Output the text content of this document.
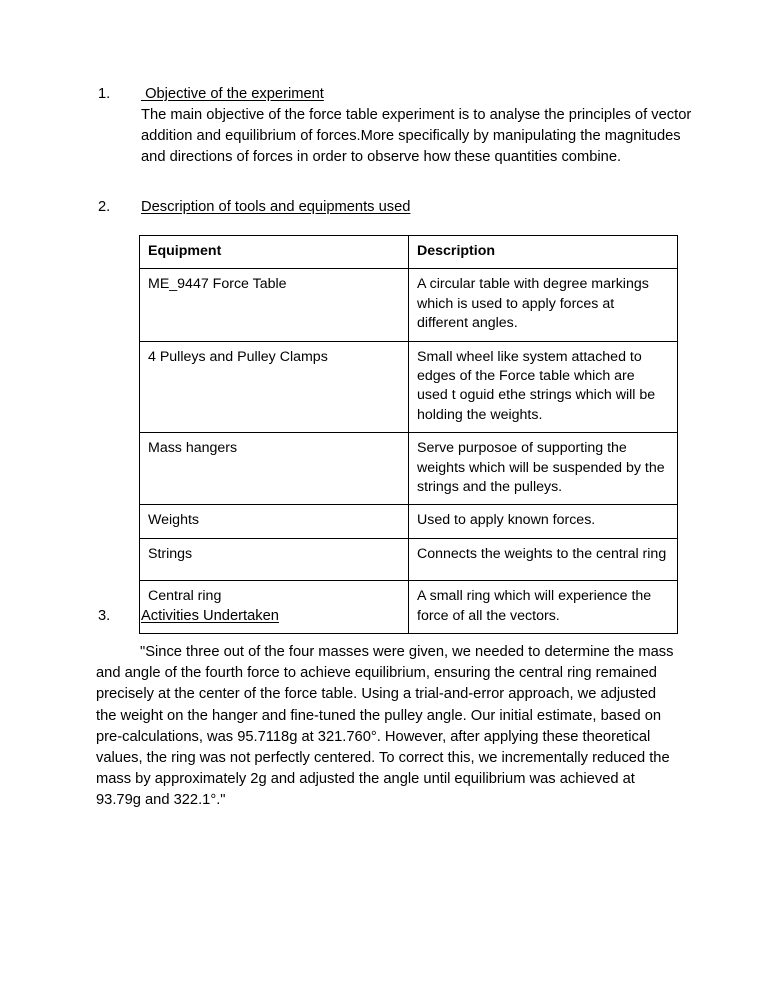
1.	Objective of the experiment

The main objective of the force table experiment is to analyse the principles of vector addition and equilibrium of forces.More specifically by manipulating the magnitudes and directions of forces in order to observe how these quantities combine.

2.	Description of tools and equipments used
Equipment	Description
ME_9447 Force Table	A circular table with degree markings which is used to apply forces at different angles.
4 Pulleys and Pulley Clamps	Small wheel like system attached to edges of the Force table which are used t oguid ethe strings which will be holding the weights.
Mass hangers	Serve purposoe of supporting the weights which will be suspended by the strings and the pulleys.
Weights	Used to apply known forces.
Strings	Connects the weights to the central ring
Central ring	A small ring which will experience the force of all the vectors.
3.	Activities Undertaken

"Since three out of the four masses were given, we needed to determine the mass and angle of the fourth force to achieve equilibrium, ensuring the central ring remained precisely at the center of the force table. Using a trial-and-error approach, we adjusted the weight on the hanger and fine-tuned the pulley angle. Our initial estimate, based on pre-calculations, was 95.7118g at 321.760°. However, after applying these theoretical values, the ring was not perfectly centered. To correct this, we incrementally reduced the mass by approximately 2g and adjusted the angle until equilibrium was achieved at 93.79g and 322.1°."
